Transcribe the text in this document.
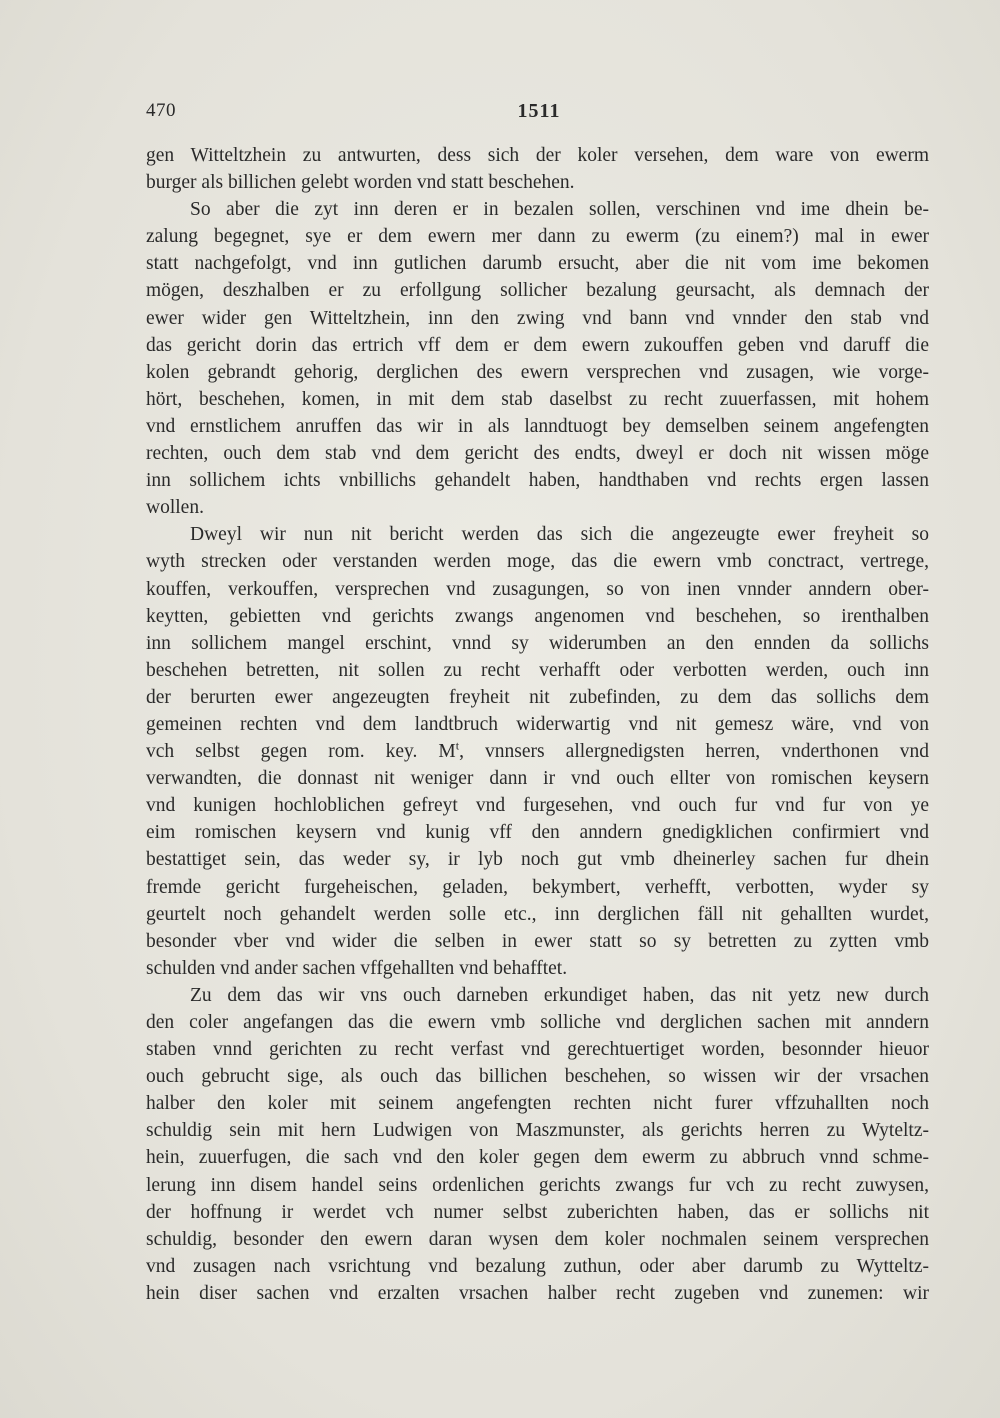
470	1511
gen Witteltzhein zu antwurten, dess sich der koler versehen, dem ware von ewerm
burger als billichen gelebt worden vnd statt beschehen.
So aber die zyt inn deren er in bezalen sollen, verschinen vnd ime dhein be-
zalung begegnet, sye er dem ewern mer dann zu ewerm (zu einem?) mal in ewer
statt nachgefolgt, vnd inn gutlichen darumb ersucht, aber die nit vom ime bekomen
mögen, deszhalben er zu erfollgung sollicher bezalung geursacht, als demnach der
ewer wider gen Witteltzhein, inn den zwing vnd bann vnd vnnder den stab vnd
das gericht dorin das ertrich vff dem er dem ewern zukouffen geben vnd daruff die
kolen gebrandt gehorig, derglichen des ewern versprechen vnd zusagen, wie vorge-
hört, beschehen, komen, in mit dem stab daselbst zu recht zuuerfassen, mit hohem
vnd ernstlichem anruffen das wir in als lanndtuogt bey demselben seinem angefengten
rechten, ouch dem stab vnd dem gericht des endts, dweyl er doch nit wissen möge
inn sollichem ichts vnbillichs gehandelt haben, handthaben vnd rechts ergen lassen
wollen.
Dweyl wir nun nit bericht werden das sich die angezeugte ewer freyheit so
wyth strecken oder verstanden werden moge, das die ewern vmb conctract, vertrege,
kouffen, verkouffen, versprechen vnd zusagungen, so von inen vnnder anndern ober-
keytten, gebietten vnd gerichts zwangs angenomen vnd beschehen, so irenthalben
inn sollichem mangel erschint, vnnd sy widerumben an den ennden da sollichs
beschehen betretten, nit sollen zu recht verhafft oder verbotten werden, ouch inn
der berurten ewer angezeugten freyheit nit zubefinden, zu dem das sollichs dem
gemeinen rechten vnd dem landtbruch widerwartig vnd nit gemesz wäre, vnd von
vch selbst gegen rom. key. $M^t$, vnnsers allergnedigsten herren, vnderthonen vnd
verwandten, die donnast nit weniger dann ir vnd ouch ellter von romischen keysern
vnd kunigen hochloblichen gefreyt vnd furgesehen, vnd ouch fur vnd fur von ye
eim romischen keysern vnd kunig vff den anndern gnedigklichen confirmiert vnd
bestattiget sein, das weder sy, ir lyb noch gut vmb dheinerley sachen fur dhein
fremde gericht furgeheischen, geladen, bekymbert, verhefft, verbotten, wyder sy
geurtelt noch gehandelt werden solle etc., inn derglichen fäll nit gehallten wurdet,
besonder vber vnd wider die selben in ewer statt so sy betretten zu zytten vmb
schulden vnd ander sachen vffgehallten vnd behafftet.
Zu dem das wir vns ouch darneben erkundiget haben, das nit yetz new durch
den coler angefangen das die ewern vmb solliche vnd derglichen sachen mit anndern
staben vnnd gerichten zu recht verfast vnd gerechtuertiget worden, besonnder hieuor
ouch gebrucht sige, als ouch das billichen beschehen, so wissen wir der vrsachen
halber den koler mit seinem angefengten rechten nicht furer vffzuhallten noch
schuldig sein mit hern Ludwigen von Maszmunster, als gerichts herren zu Wyteltz-
hein, zuuerfugen, die sach vnd den koler gegen dem ewerm zu abbruch vnnd schme-
lerung inn disem handel seins ordenlichen gerichts zwangs fur vch zu recht zuwysen,
der hoffnung ir werdet vch numer selbst zuberichten haben, das er sollichs nit
schuldig, besonder den ewern daran wysen dem koler nochmalen seinem versprechen
vnd zusagen nach vsrichtung vnd bezalung zuthun, oder aber darumb zu Wytteltz-
hein diser sachen vnd erzalten vrsachen halber recht zugeben vnd zunemen: wir
